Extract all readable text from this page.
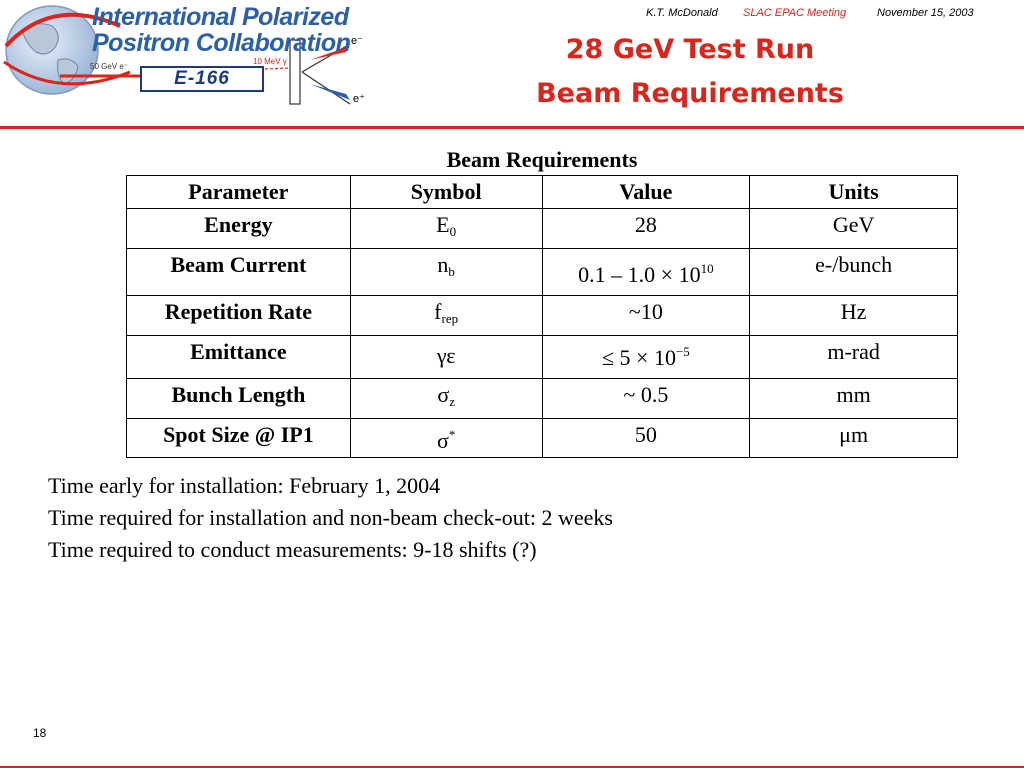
International Polarized
Positron Collaboration
50 GeV e⁻
10 MeV γ
e⁻
e⁺
E-166
K.T. McDonald SLAC EPAC Meeting	November 15, 2003
28 GeV Test Run
Beam Requirements
Beam Requirements
Parameter	Symbol	Value	Units
Energy	$E_0$	28	GeV
Beam Current	$n_b$	$0.1 - 1.0 \times 10^{10}$	e-/bunch
Repetition Rate	$f_{rep}$	~10	Hz
Emittance	γε	≤ $5 \times 10^{-5}$	m-rad
Bunch Length	$\sigma_z$	~ 0.5	mm
Spot Size @ IP1	σ*	50	μm
Time early for installation: February 1, 2004
Time required for installation and non-beam check-out: 2 weeks
Time required to conduct measurements: 9-18 shifts (?)
18
